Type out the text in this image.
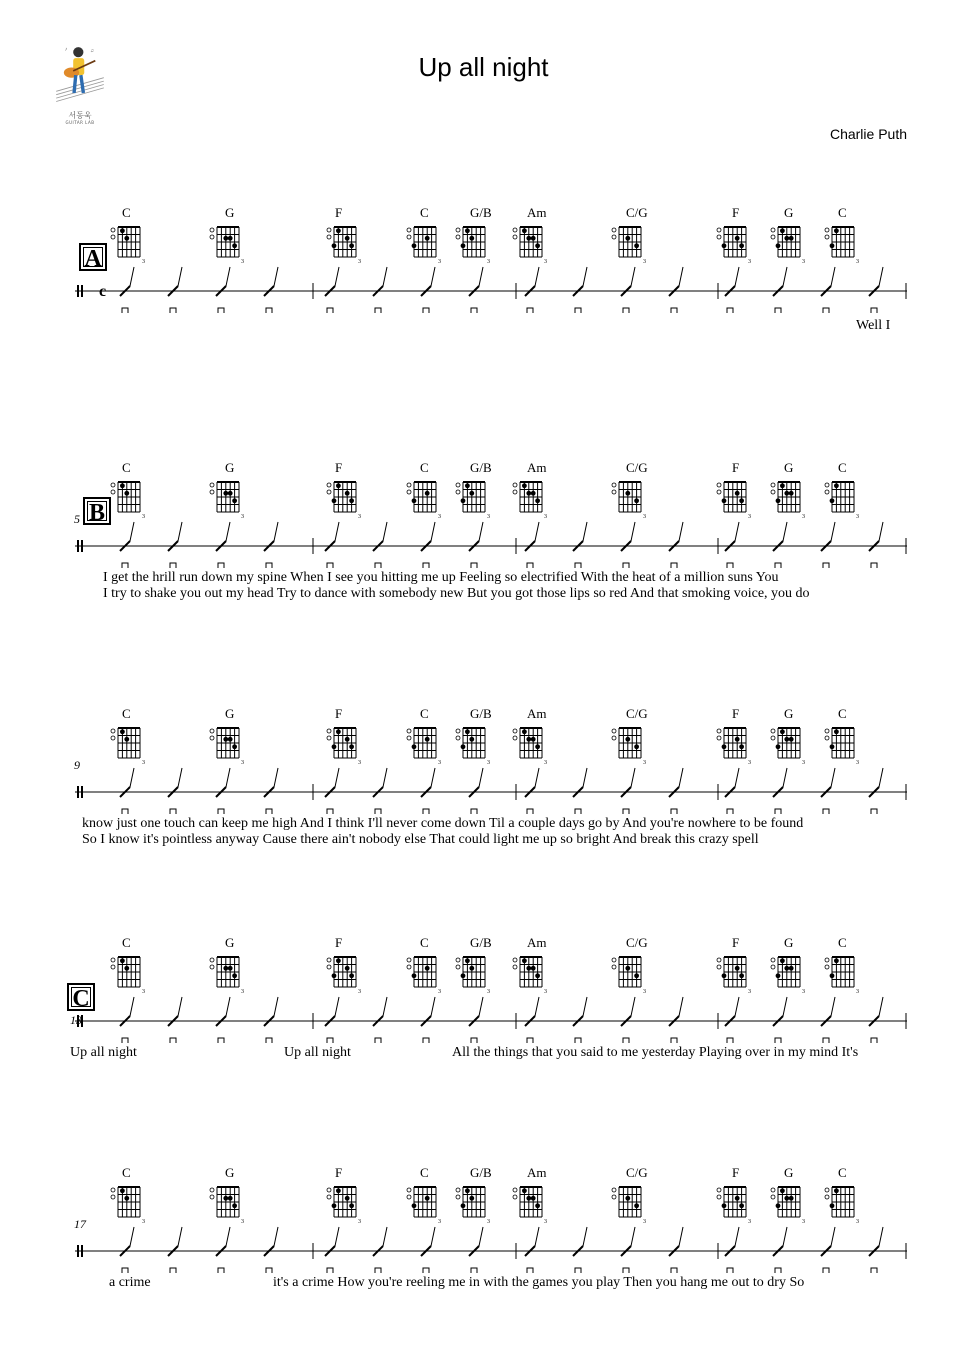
Up all night
Charlie Puth
♪	♫
서동욱
GUITAR LAB
C	G	F	C	G/B	Am	C/G	F	G	C
A	3	3	3	3	3	3	3	3	3	3
c
Well I
C	G	F	C	G/B	Am	C/G	F	G	C
B
5	3	3	3	3	3	3	3	3	3	3
I get the hrill run down my spine When I see you hitting me up Feeling so electrified With the heat of a million suns You
I try to shake you out my head Try to dance with somebody new But you got those lips so red And that smoking voice, you do
C	G	F	C	G/B	Am	C/G	F	G	C
9	3	3	3	3	3	3	3	3	3	3
know just one touch can keep me high And I think I'll never come down Til a couple days go by And you're nowhere to be found
So I know it's pointless anyway Cause there ain't nobody else That could light me up so bright And break this crazy spell
C	G	F	C	G/B	Am	C/G	F	G	C
C
13
3	3	3	3	3	3	3	3	3	3
Up all night	Up all night	All the things that you said to me yesterday Playing over in my mind It's
C	G	F	C	G/B	Am	C/G	F	G	C
17	3	3	3	3	3	3	3	3	3	3
a crime	it's a crime How you're reeling me in with the games you play Then you hang me out to dry So
